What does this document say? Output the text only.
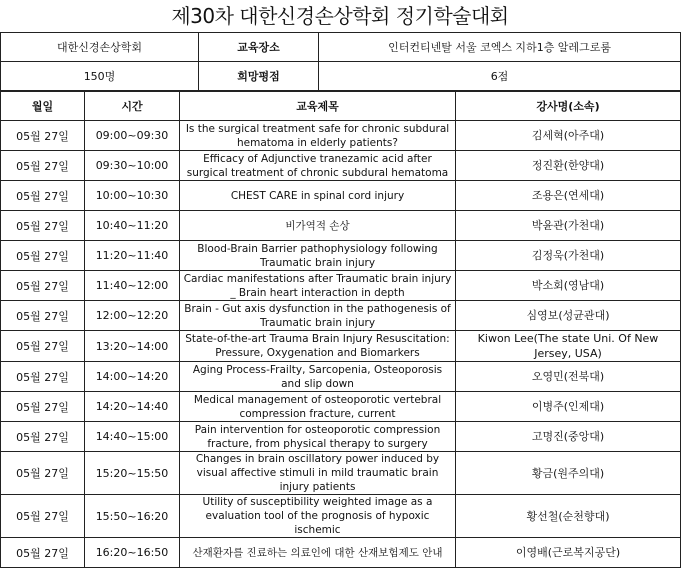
제30차 대한신경손상학회 정기학술대회
대한신경손상학회	교육장소	인터컨티넨탈 서울 코엑스 지하1층 알레그로룸
150명	희망평점	6점
월일	시간	교육제목	강사명(소속)
05월 27일	09:00~09:30	Is the surgical treatment safe for chronic subdural hematoma in elderly patients?	김세혁(아주대)
05월 27일	09:30~10:00	Efficacy of Adjunctive tranezamic acid after surgical treatment of chronic subdural hematoma	정진환(한양대)
05월 27일	10:00~10:30	CHEST CARE in spinal cord injury	조용은(연세대)
05월 27일	10:40~11:20	비가역적 손상	박윤관(가천대)
05월 27일	11:20~11:40	Blood-Brain Barrier pathophysiology following Traumatic brain injury	김정욱(가천대)
05월 27일	11:40~12:00	Cardiac manifestations after Traumatic brain injury _ Brain heart interaction in depth	박소회(영남대)
05월 27일	12:00~12:20	Brain - Gut axis dysfunction in the pathogenesis of Traumatic brain injury	심영보(성균관대)
05월 27일	13:20~14:00	State-of-the-art Trauma Brain Injury Resuscitation: Pressure, Oxygenation and Biomarkers	Kiwon Lee(The state Uni. Of New Jersey, USA)
05월 27일	14:00~14:20	Aging Process-Frailty, Sarcopenia, Osteoporosis and slip down	오영민(전북대)
05월 27일	14:20~14:40	Medical management of osteoporotic vertebral compression fracture, current	이병주(인제대)
05월 27일	14:40~15:00	Pain intervention for osteoporotic compression fracture, from physical therapy to surgery	고명진(중앙대)
05월 27일	15:20~15:50	Changes in brain oscillatory power induced by visual affective stimuli in mild traumatic brain injury patients	황금(원주의대)
05월 27일	15:50~16:20	Utility of susceptibility weighted image as a evaluation tool of the prognosis of hypoxic ischemic	황선철(순천향대)
05월 27일	16:20~16:50	산재환자를 진료하는 의료인에 대한 산재보험제도 안내	이영배(근로복지공단)
